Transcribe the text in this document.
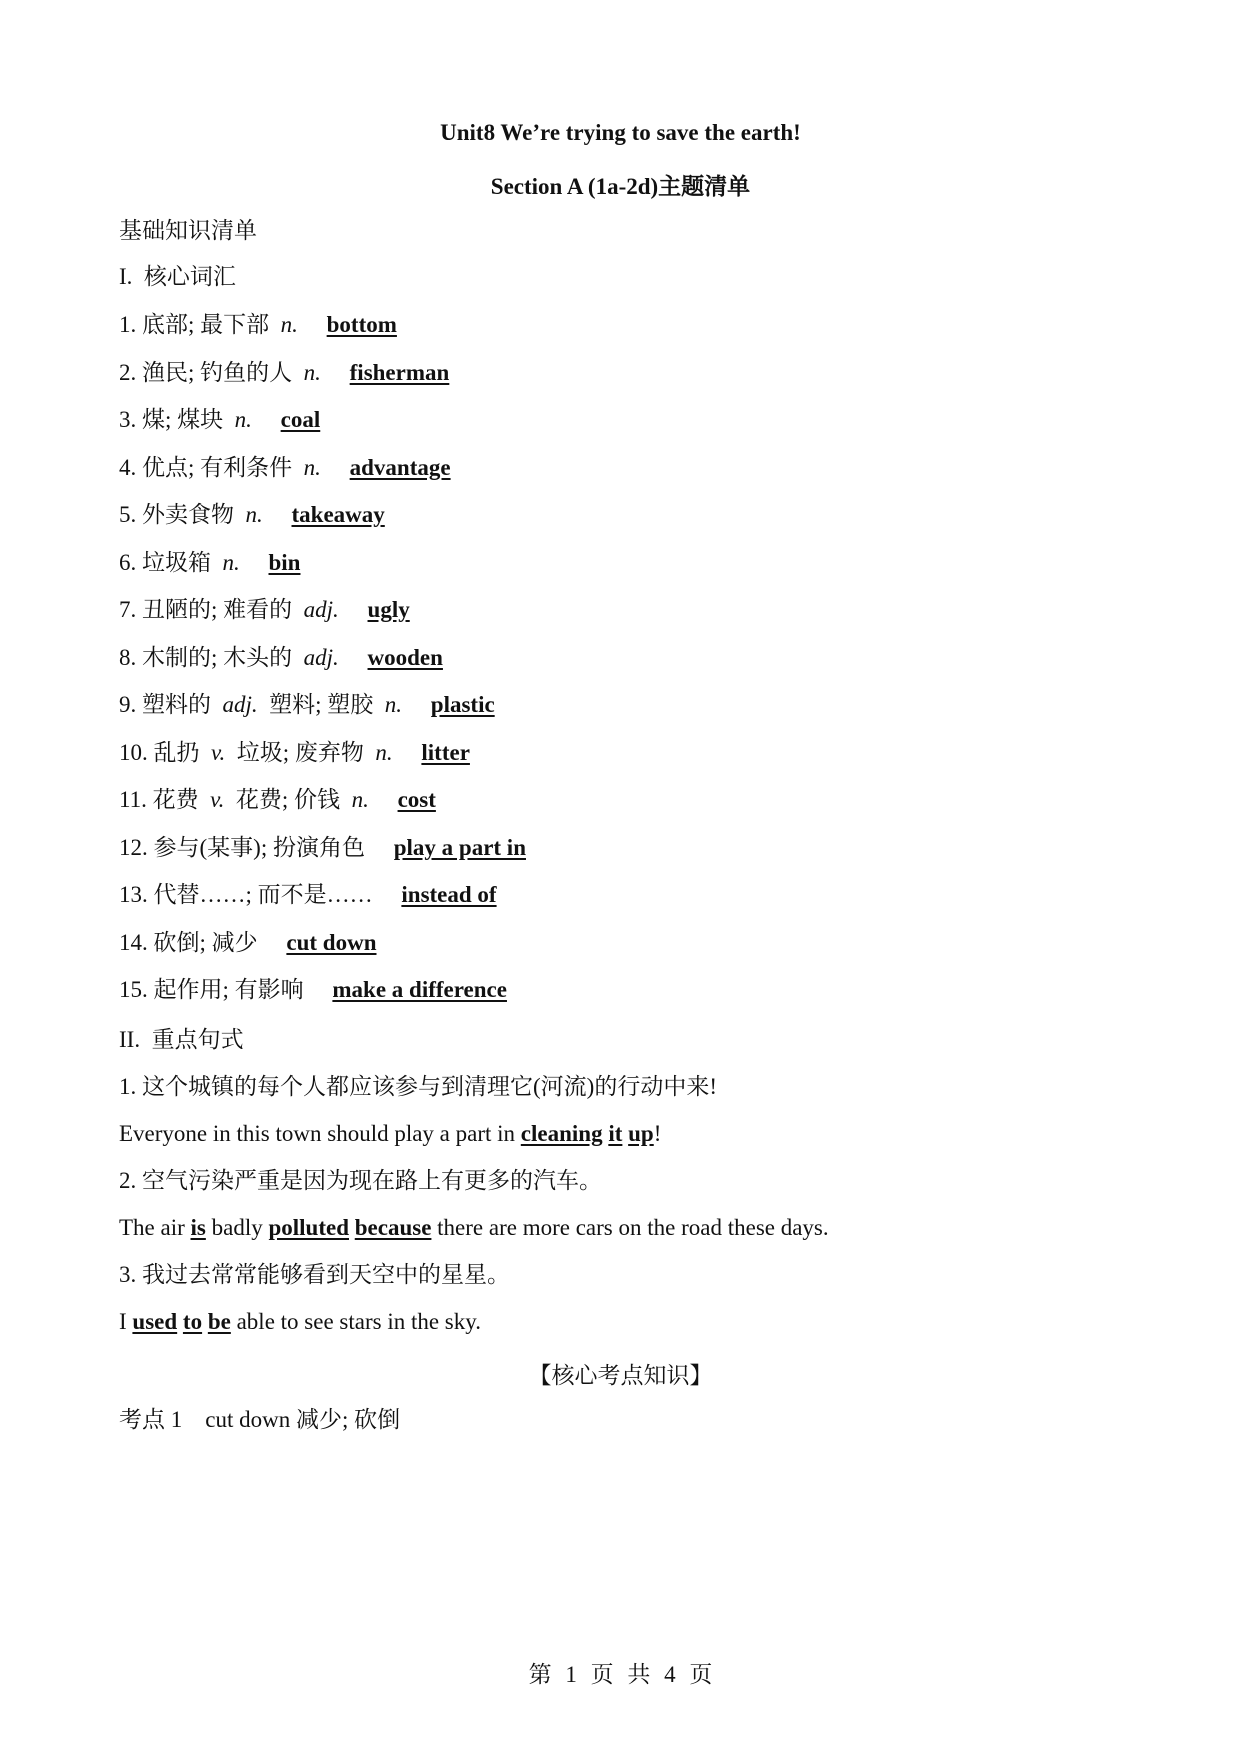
Unit8 We’re trying to save the earth!
Section A (1a-2d)主题清单
基础知识清单
I.  核心词汇
1. 底部; 最下部 n. bottom
2. 渔民; 钓鱼的人 n. fisherman
3. 煤; 煤块 n. coal
4. 优点; 有利条件 n. advantage
5. 外卖食物 n. takeaway
6. 垃圾箱 n. bin
7. 丑陋的; 难看的 adj. ugly
8. 木制的; 木头的 adj. wooden
9. 塑料的 adj. 塑料; 塑胶 n. plastic
10. 乱扔 v. 垃圾; 废弃物 n. litter
11. 花费 v. 花费; 价钱 n. cost
12. 参与(某事); 扮演角色 play a part in
13. 代替……; 而不是…… instead of
14. 砍倒; 减少 cut down
15. 起作用; 有影响 make a difference
II.  重点句式
1. 这个城镇的每个人都应该参与到清理它(河流)的行动中来!
Everyone in this town should play a part in cleaning it up!
2. 空气污染严重是因为现在路上有更多的汽车。
The air is badly polluted because there are more cars on the road these days.
3. 我过去常常能够看到天空中的星星。
I used to be able to see stars in the sky.
【核心考点知识】
考点 1    cut down 减少; 砍倒
第 1 页 共 4 页
